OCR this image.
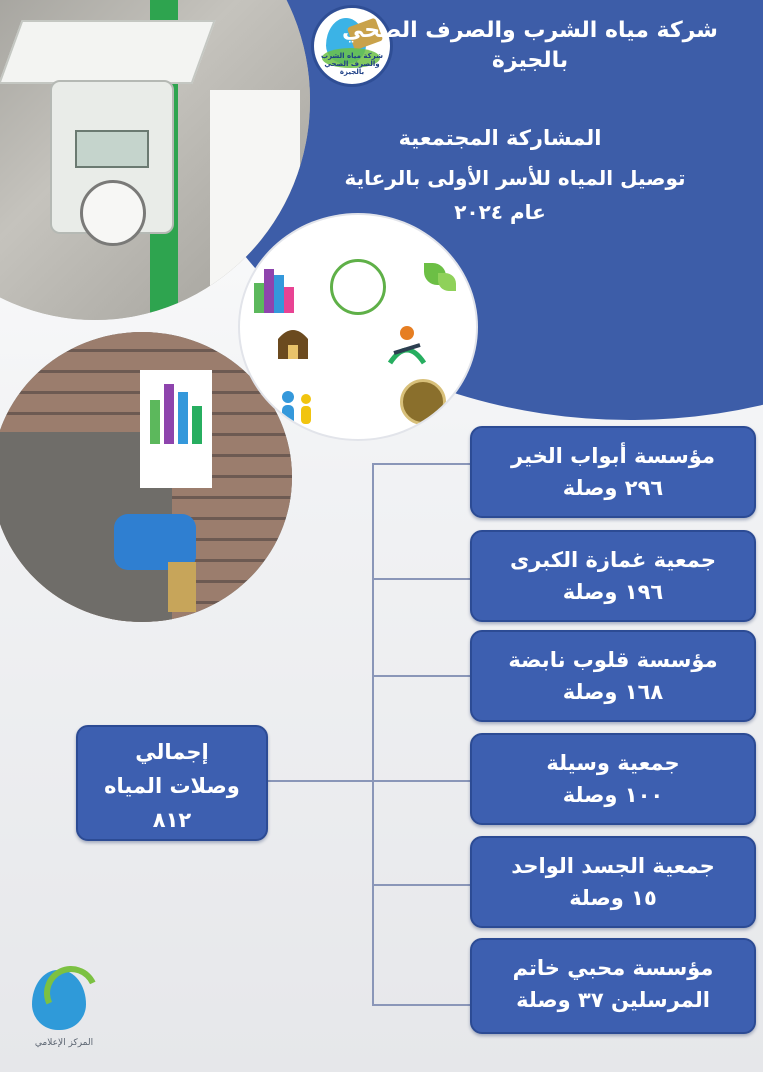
شركة مياه الشرب والصرف الصحي بالجيزة
شركة مياه الشرب والصرف الصحي بالجيزة
المشاركة المجتمعية
توصيل المياه للأسر الأولى بالرعاية
عام ٢٠٢٤
إجمالي
وصلات المياه
٨١٢
مؤسسة أبواب الخير
٢٩٦ وصلة
جمعية غمازة الكبرى
١٩٦ وصلة
مؤسسة قلوب نابضة
١٦٨ وصلة
جمعية وسيلة
١٠٠ وصلة
جمعية الجسد الواحد
١٥ وصلة
مؤسسة محبي خاتم
المرسلين ٣٧ وصلة
المركز الإعلامي
